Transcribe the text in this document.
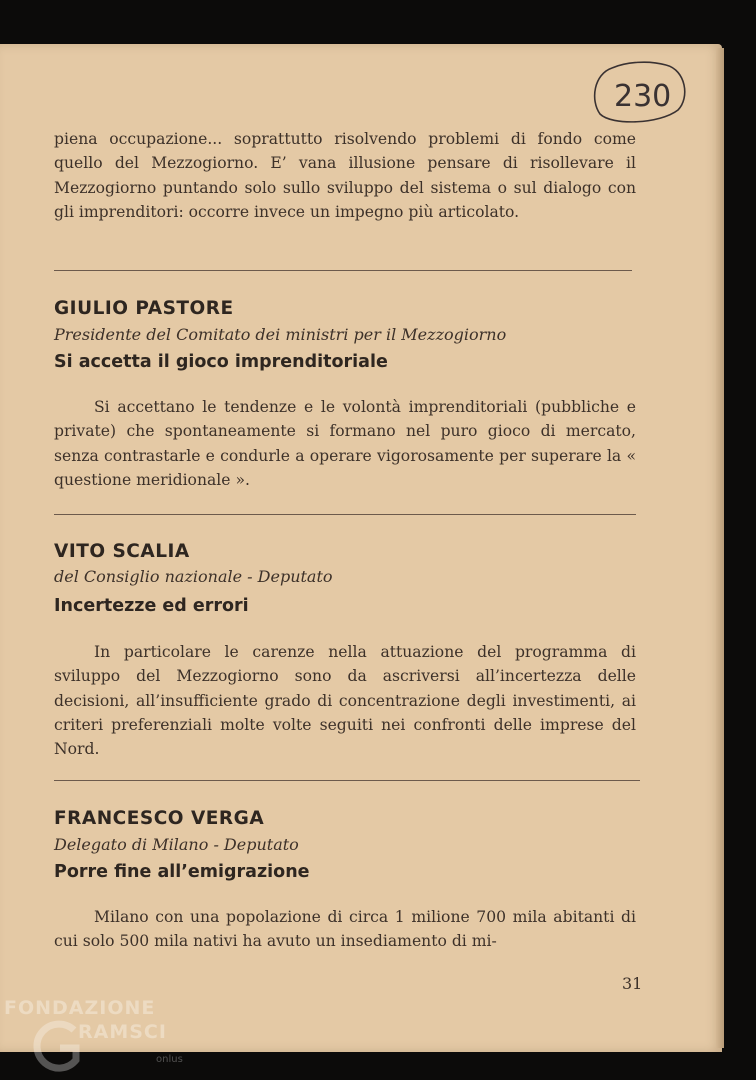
230

piena occupazione... soprattutto risolvendo problemi di fondo come quello del Mezzogiorno. E’ vana illusione pensare di risollevare il Mezzogiorno puntando solo sullo sviluppo del sistema o sul dialogo con gli imprenditori: occorre invece un impegno più articolato.

GIULIO PASTORE

Presidente del Comitato dei ministri per il Mezzogiorno

Si accetta il gioco imprenditoriale

Si accettano le tendenze e le volontà imprenditoriali (pubbliche e private) che spontaneamente si formano nel puro gioco di mercato, senza contrastarle e condurle a operare vigorosamente per superare la « questione meridionale ».

VITO SCALIA

del Consiglio nazionale - Deputato

Incertezze ed errori

In particolare le carenze nella attuazione del programma di sviluppo del Mezzogiorno sono da ascriversi all’incertezza delle decisioni, all’insufficiente grado di concentrazione degli investimenti, ai criteri preferenziali molte volte seguiti nei confronti delle imprese del Nord.

FRANCESCO VERGA

Delegato di Milano - Deputato

Porre fine all’emigrazione

Milano con una popolazione di circa 1 milione 700 mila abitanti di cui solo 500 mila nativi ha avuto un insediamento di mi-

31
FONDAZIONE
RAMSCI
onlus
